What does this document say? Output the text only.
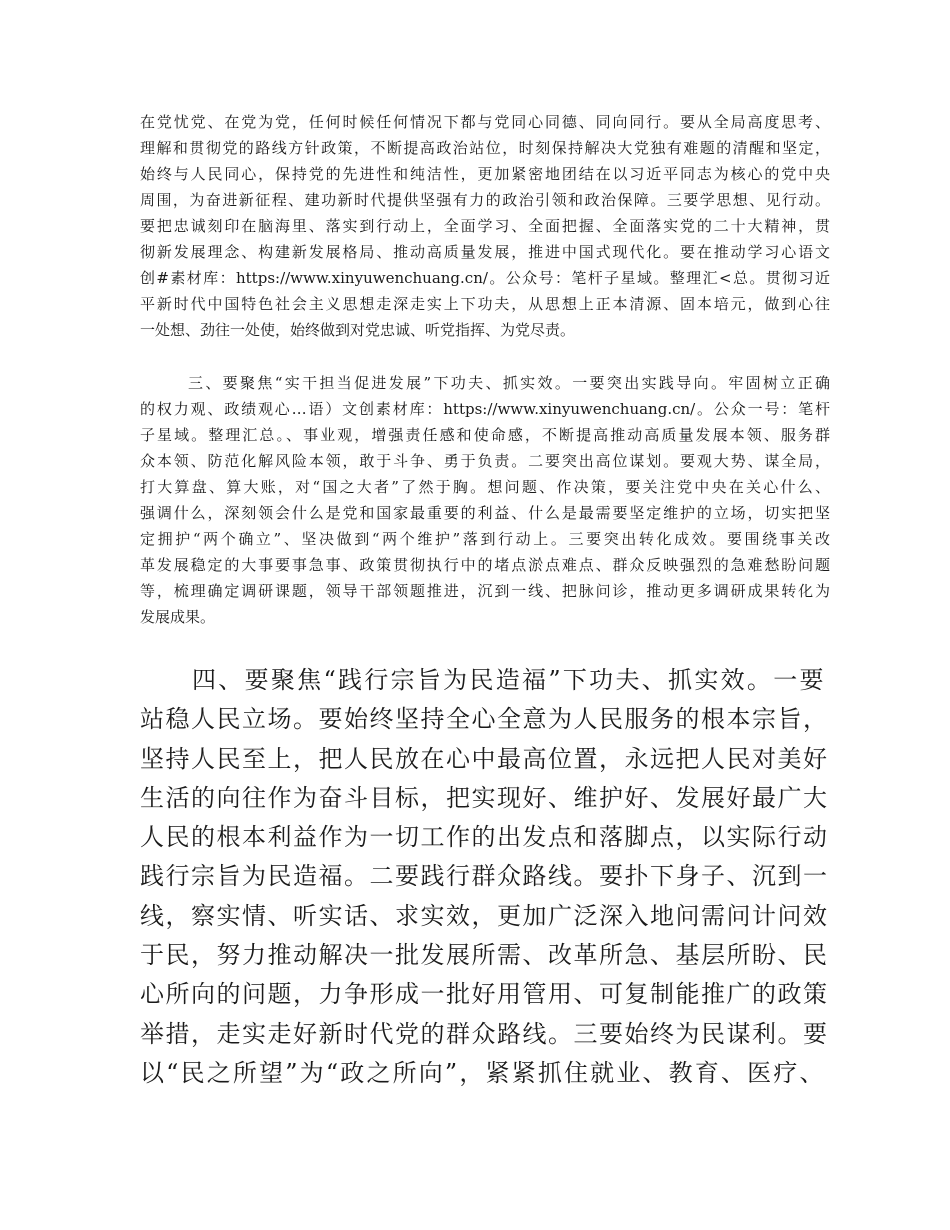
在党忧党、在党为党，任何时候任何情况下都与党同心同德、同向同行。要从全局高度思考、
理解和贯彻党的路线方针政策，不断提高政治站位，时刻保持解决大党独有难题的清醒和坚定，
始终与人民同心，保持党的先进性和纯洁性，更加紧密地团结在以习近平同志为核心的党中央
周围，为奋进新征程、建功新时代提供坚强有力的政治引领和政治保障。三要学思想、见行动。
要把忠诚刻印在脑海里、落实到行动上，全面学习、全面把握、全面落实党的二十大精神，贯
彻新发展理念、构建新发展格局、推动高质量发展，推进中国式现代化。要在推动学习心语文
创#素材库：https://www.xinyuwenchuang.cn/。公众号：笔杆子星域。整理汇<总。贯彻习近
平新时代中国特色社会主义思想走深走实上下功夫，从思想上正本清源、固本培元，做到心往
一处想、劲往一处使，始终做到对党忠诚、听党指挥、为党尽责。
三、要聚焦“实干担当促进发展”下功夫、抓实效。一要突出实践导向。牢固树立正确
的权力观、政绩观心…语）文创素材库：https://www.xinyuwenchuang.cn/。公众一号：笔杆
子星域。整理汇总。、事业观，增强责任感和使命感，不断提高推动高质量发展本领、服务群
众本领、防范化解风险本领，敢于斗争、勇于负责。二要突出高位谋划。要观大势、谋全局，
打大算盘、算大账，对“国之大者”了然于胸。想问题、作决策，要关注党中央在关心什么、
强调什么，深刻领会什么是党和国家最重要的利益、什么是最需要坚定维护的立场，切实把坚
定拥护“两个确立”、坚决做到“两个维护”落到行动上。三要突出转化成效。要围绕事关改
革发展稳定的大事要事急事、政策贯彻执行中的堵点淤点难点、群众反映强烈的急难愁盼问题
等，梳理确定调研课题，领导干部领题推进，沉到一线、把脉问诊，推动更多调研成果转化为
发展成果。
四、要聚焦“践行宗旨为民造福”下功夫、抓实效。一要
站稳人民立场。要始终坚持全心全意为人民服务的根本宗旨，
坚持人民至上，把人民放在心中最高位置，永远把人民对美好
生活的向往作为奋斗目标，把实现好、维护好、发展好最广大
人民的根本利益作为一切工作的出发点和落脚点，以实际行动
践行宗旨为民造福。二要践行群众路线。要扑下身子、沉到一
线，察实情、听实话、求实效，更加广泛深入地问需问计问效
于民，努力推动解决一批发展所需、改革所急、基层所盼、民
心所向的问题，力争形成一批好用管用、可复制能推广的政策
举措，走实走好新时代党的群众路线。三要始终为民谋利。要
以“民之所望”为“政之所向”，紧紧抓住就业、教育、医疗、
